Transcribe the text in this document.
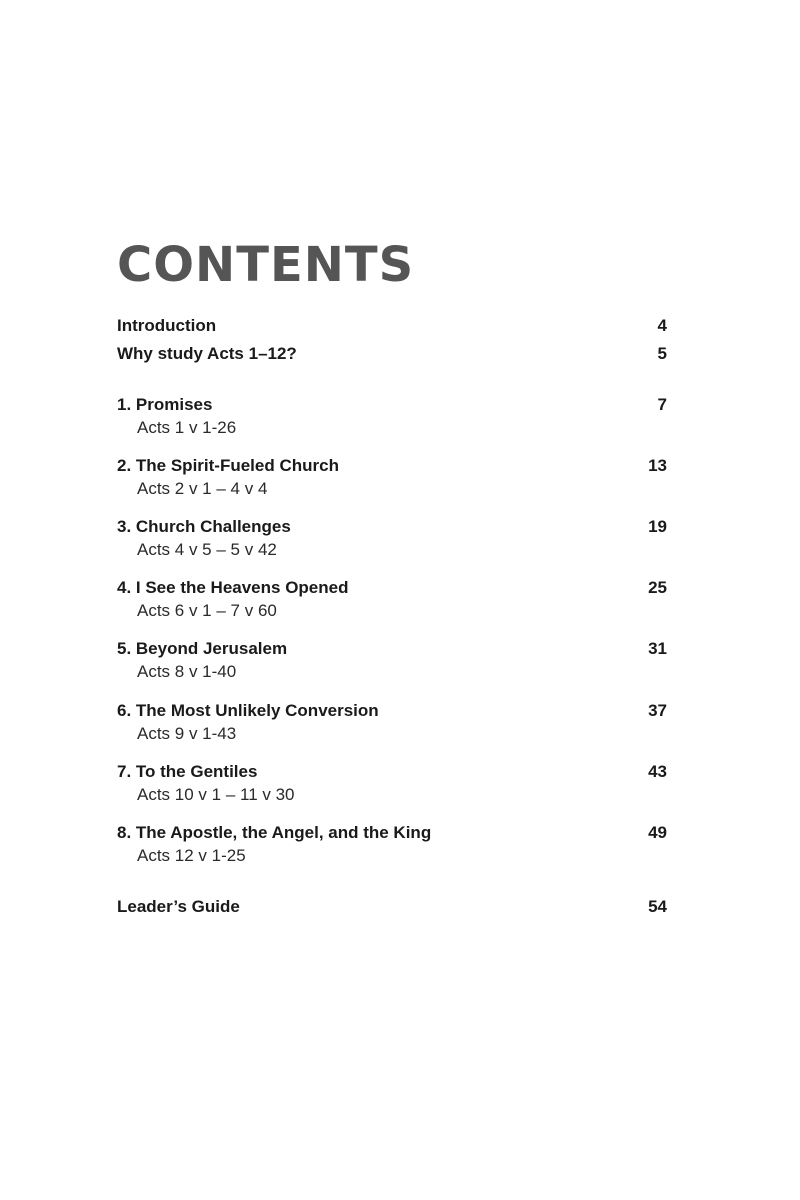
CONTENTS
Introduction	4
Why study Acts 1–12?	5
1. Promises	7
Acts 1 v 1-26
2. The Spirit-Fueled Church	13
Acts 2 v 1 – 4 v 4
3. Church Challenges	19
Acts 4 v 5 – 5 v 42
4. I See the Heavens Opened	25
Acts 6 v 1 – 7 v 60
5. Beyond Jerusalem	31
Acts 8 v 1-40
6. The Most Unlikely Conversion	37
Acts 9 v 1-43
7. To the Gentiles	43
Acts 10 v 1 – 11 v 30
8. The Apostle, the Angel, and the King	49
Acts 12 v 1-25
Leader’s Guide	54
